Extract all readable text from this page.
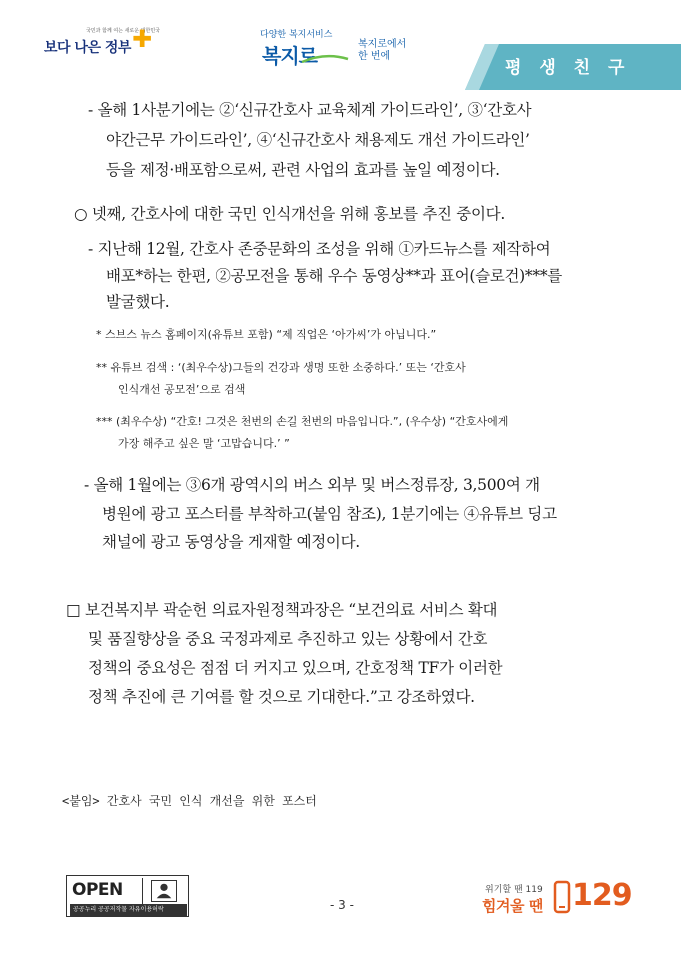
국민과 함께 여는 새로운 대한민국
보다 나은 정부 ✚	다양한 복지서비스
복지로	복지로에서
한 번에
평 생 친 구
- 올해 1사분기에는 ②‘신규간호사 교육체계 가이드라인’, ③‘간호사
야간근무 가이드라인’, ④‘신규간호사 채용제도 개선 가이드라인’
등을 제정·배포함으로써, 관련 사업의 효과를 높일 예정이다.
○ 넷째, 간호사에 대한 국민 인식개선을 위해 홍보를 추진 중이다.
- 지난해 12월, 간호사 존중문화의 조성을 위해 ①카드뉴스를 제작하여
배포*하는 한편, ②공모전을 통해 우수 동영상**과 표어(슬로건)***를
발굴했다.
* 스브스 뉴스 홈페이지(유튜브 포함) “제 직업은 ‘아가씨’가 아닙니다.”
** 유튜브 검색 : ‘(최우수상)그들의 건강과 생명 또한 소중하다.’ 또는 ‘간호사
인식개선 공모전’으로 검색
*** (최우수상) “간호! 그것은 천번의 손길 천번의 마음입니다.”, (우수상) “간호사에게
가장 해주고 싶은 말 ‘고맙습니다.’ ”
- 올해 1월에는 ③6개 광역시의 버스 외부 및 버스정류장, 3,500여 개
병원에 광고 포스터를 부착하고(붙임 참조), 1분기에는 ④유튜브 딩고
채널에 광고 동영상을 게재할 예정이다.
□ 보건복지부 곽순헌 의료자원정책과장은 “보건의료 서비스 확대
및 품질향상을 중요 국정과제로 추진하고 있는 상황에서 간호
정책의 중요성은 점점 더 커지고 있으며, 간호정책 TF가 이러한
정책 추진에 큰 기여를 할 것으로 기대한다.”고 강조하였다.
<붙임> 간호사 국민 인식 개선을 위한 포스터
OPEN
공공누리 공공저작물 자유이용허락	- 3 -
위기할 땐 119
힘겨울 땐 129
